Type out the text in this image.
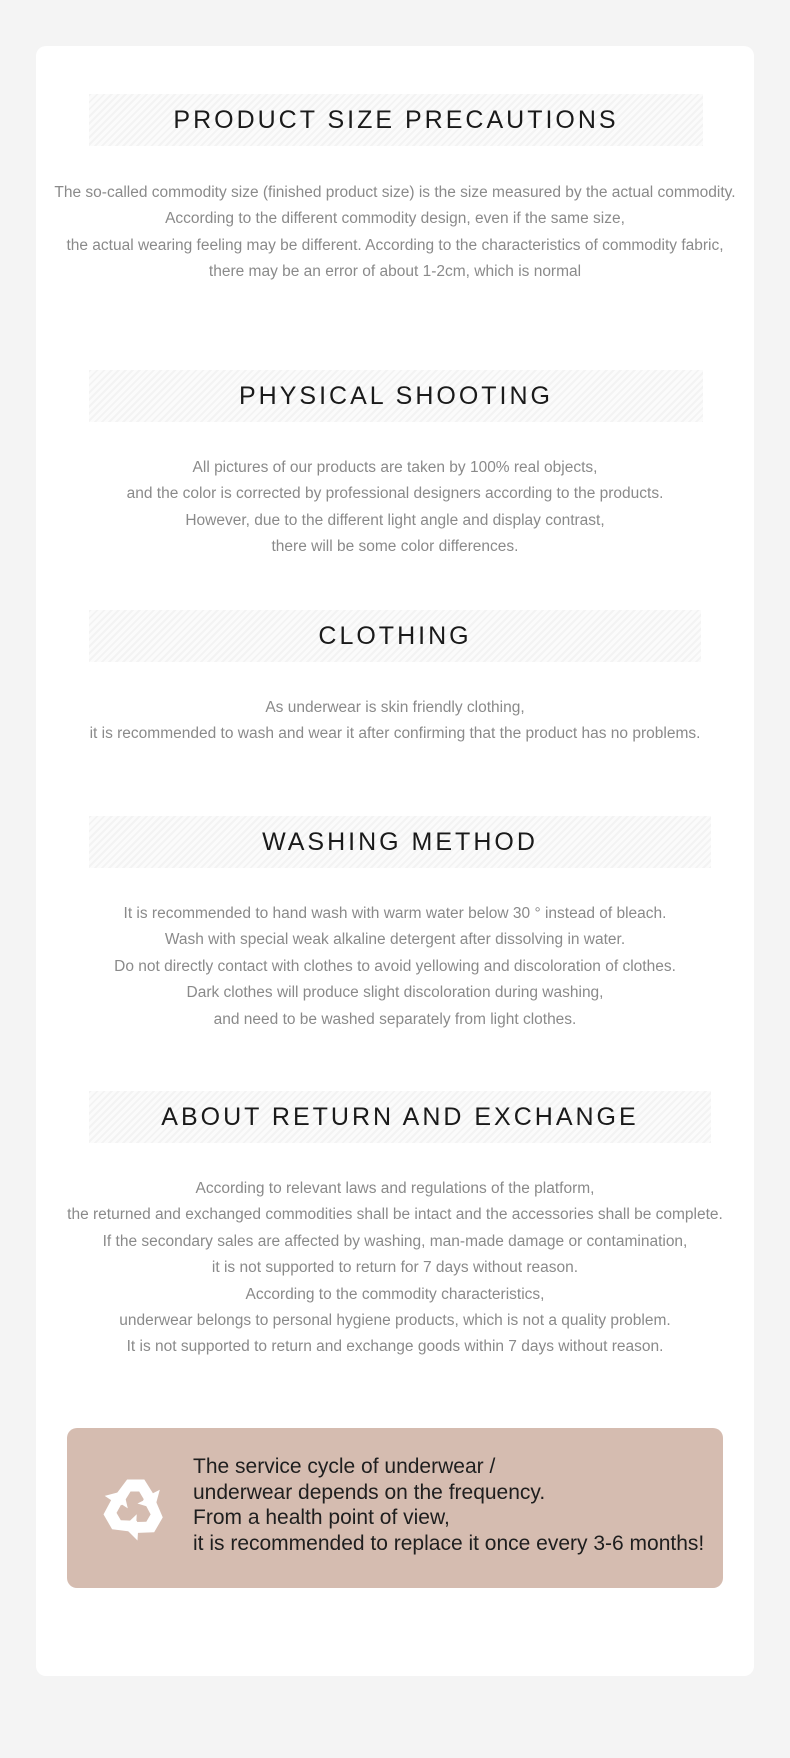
PRODUCT SIZE PRECAUTIONS
The so-called commodity size (finished product size) is the size measured by the actual commodity.
According to the different commodity design, even if the same size,
the actual wearing feeling may be different. According to the characteristics of commodity fabric,
there may be an error of about 1-2cm, which is normal
PHYSICAL SHOOTING
All pictures of our products are taken by 100% real objects,
and the color is corrected by professional designers according to the products.
However, due to the different light angle and display contrast,
there will be some color differences.
CLOTHING
As underwear is skin friendly clothing,
it is recommended to wash and wear it after confirming that the product has no problems.
WASHING METHOD
It is recommended to hand wash with warm water below 30 ° instead of bleach.
Wash with special weak alkaline detergent after dissolving in water.
Do not directly contact with clothes to avoid yellowing and discoloration of clothes.
Dark clothes will produce slight discoloration during washing,
and need to be washed separately from light clothes.
ABOUT RETURN AND EXCHANGE
According to relevant laws and regulations of the platform,
the returned and exchanged commodities shall be intact and the accessories shall be complete.
If the secondary sales are affected by washing, man-made damage or contamination,
it is not supported to return for 7 days without reason.
According to the commodity characteristics,
underwear belongs to personal hygiene products, which is not a quality problem.
It is not supported to return and exchange goods within 7 days without reason.
The service cycle of underwear /
underwear depends on the frequency.
From a health point of view,
it is recommended to replace it once every 3-6 months!
